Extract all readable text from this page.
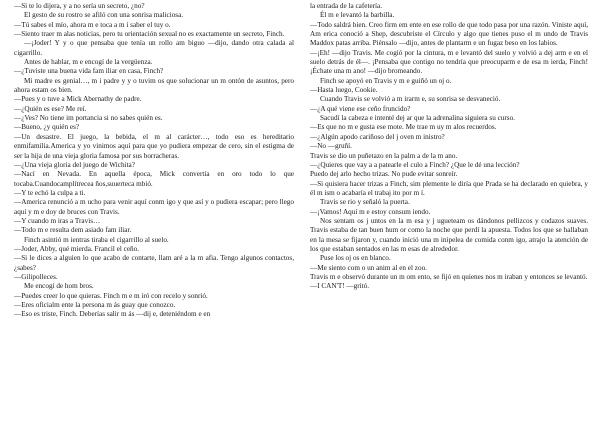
—Si te lo dijera, y a no sería un secreto, ¿no?

El gesto de su rostro se afiló con una sonrisa maliciosa.

—Tú sabes el mío, ahora m e toca a m í saber el tuy o.

—Siento traer m alas noticias, pero tu orientación sexual no es exactamente un secreto, Finch.

—¡Joder! Y y o que pensaba que tenía un rollo am biguo —dijo, dando otra calada al cigarrillo.

Antes de hablar, m e encogí de la vergüenza.

—¿Tuviste una buena vida fam iliar en casa, Finch?

Mi madre es genial…, m i padre y y o tuvim os que solucionar un m ontón de asuntos, pero ahora estam os bien.

—Pues y o tuve a Mick Abernathy de padre.

—¿Quién es ese? Me reí.

—¿Ves? No tiene im portancia si no sabes quién es.

—Bueno, ¿y quién es?

—Un desastre. El juego, la bebida, el m al carácter…, todo eso es hereditario enmifamilia.America y yo vinimos aquí para que yo pudiera empezar de cero, sin el estigma de ser la hija de una vieja gloria famosa por sus borracheras.

—¿Una vieja gloria del juego de Wichita?

—Nací en Nevada. En aquella época, Mick convertía en oro todo lo que tocaba.Cuandocamplítrecea ños,suuerteca mbió.

—Y te echó la culpa a ti.

—America renunció a m ucho para venir aquí conm igo y que así y o pudiera escapar; pero llego aquí y m e doy de bruces con Travis.

—Y cuando m iras a Travis…

—Todo m e resulta dem asiado fam iliar.

Finch asintió m ientras tiraba el cigarrillo al suelo.

—Joder, Abby, qué mierda. Francil el ceño.

—Si le dices a alguien lo que acabo de contarte, llam aré a la m afia. Tengo algunos contactos, ¿sabes?

—Gilipolleces.

Me encogí de hom bros.

—Puedes creer lo que quieras. Finch m e m iró con recelo y sonrió.

—Eres oficialm ente la persona m ás guay que conozco.

—Eso es triste, Finch. Deberías salir m ás —dij e, deteniéndom e en

la entrada de la cafetería.

Él m e levantó la barbilla.

—Todo saldrá bien. Creo firm em ente en ese rollo de que todo pasa por una razón. Viniste aquí, Am erica conoció a Shep, descubriste el Círculo y algo que tienes puso el m undo de Travis Maddox patas arriba. Piénsalo —dijo, antes de plantarm e un fugaz beso en los labios.

—¡Eh! —dijo Travis. Me cogió por la cintura, m e levantó del suelo y volvió a dej arm e en el suelo detrás de él—. ¡Pensaba que contigo no tendría que preocuparm e de esa m ierda, Finch! ¡Échate una m ano! —dijo bromeando.

Finch se apoyó en Travis y m e guiñó un oj o.

—Hasta luego, Cookie.

Cuando Travis se volvió a m irarm e, su sonrisa se desvaneció.

—¿A qué viene ese ceño fruncido?

Sacudí la cabeza e intenté dej ar que la adrenalina siguiera su curso.

—Es que no m e gusta ese mote. Me trae m uy m alos recuerdos.

—¿Algún apodo cariñoso del j oven m inistro?

—No —gruñí.

Travis se dio un puñetazo en la palm a de la m ano.

—¿Quieres que vay a a patearle el culo a Finch? ¿Que le dé una lección?

Puedo dej arlo hecho trizas. No pude evitar sonreír.

—Si quisiera hacer trizas a Finch, sim plemente le diría que Prada se ha declarado en quiebra, y él m ism o acabaría el trabaj ito por m í.

Travis se rio y señaló la puerta.

—¡Vamos! Aquí m e estoy consum iendo.

Nos sentam os j untos en la m esa y j ugueteam os dándonos pellizcos y codazos suaves. Travis estaba de tan buen hum or como la noche que perdí la apuesta. Todos los que se hallaban en la mesa se fijaron y, cuando inició una m inipelea de comida conm igo, atrajo la atención de los que estaban sentados en las m esas de alrededor.

Puse los oj os en blanco.

—Me siento com o un anim al en el zoo.

Travis m e observó durante un m om ento, se fijó en quienes nos m iraban y entonces se levantó.

—I CAN'T! —gritó.
